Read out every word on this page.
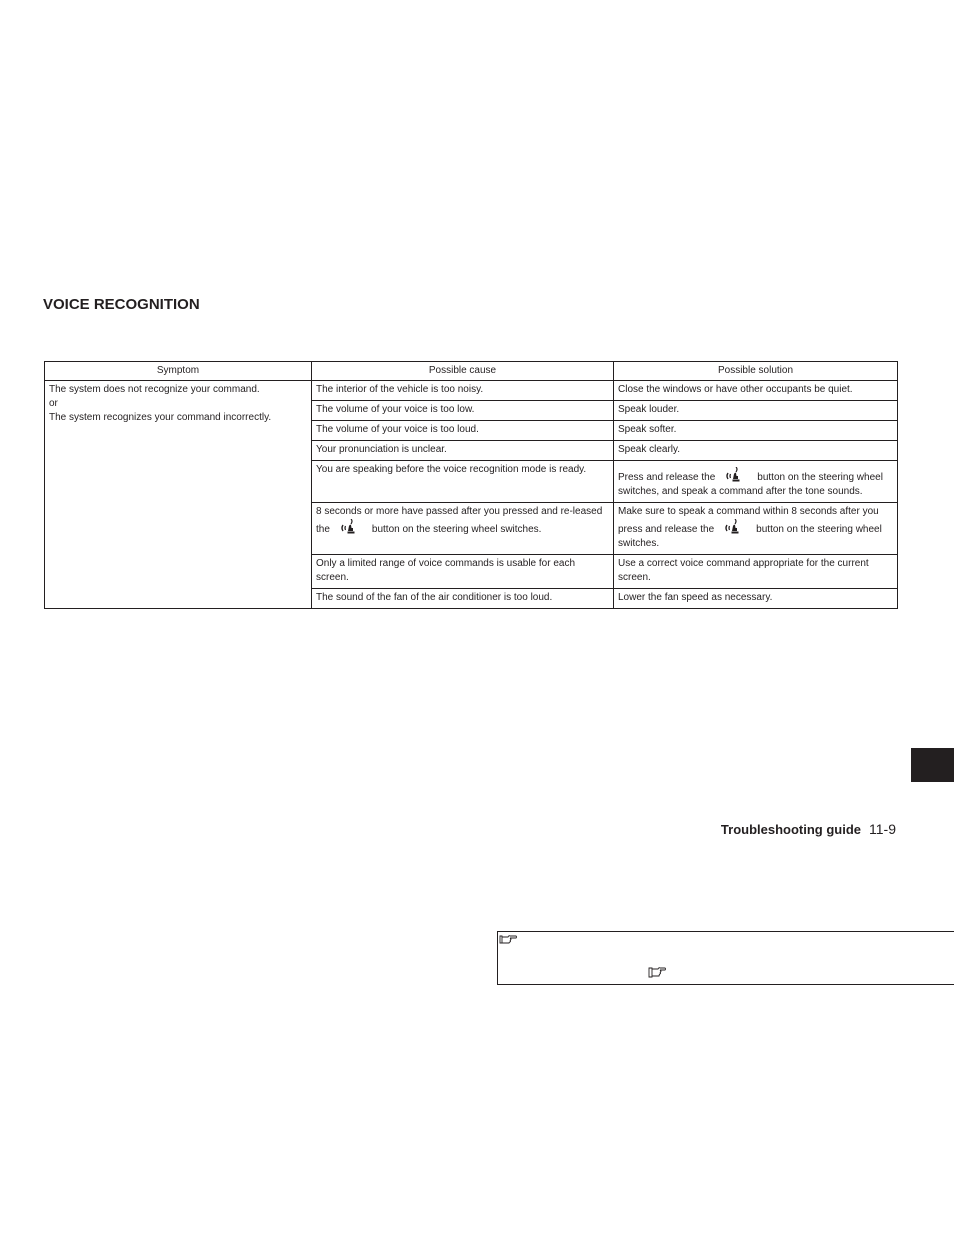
VOICE RECOGNITION
Symptom	Possible cause	Possible solution

The system does not recognize your command.
or
The system recognizes your command incorrectly.	The interior of the vehicle is too noisy.	Close the windows or have other occupants be quiet.
	The volume of your voice is too low.	Speak louder.
	The volume of your voice is too loud.	Speak softer.
	Your pronunciation is unclear.	Speak clearly.
	You are speaking before the voice recognition mode is ready.	Press and release the button on the steering wheel switches, and speak a command after the tone sounds.
	8 seconds or more have passed after you pressed and re-leased the button on the steering wheel switches.	Make sure to speak a command within 8 seconds after you press and release the button on the steering wheel switches.
	Only a limited range of voice commands is usable for each screen.	Use a correct voice command appropriate for the current screen.
	The sound of the fan of the air conditioner is too loud.	Lower the fan speed as necessary.
Troubleshooting guide 11-9
